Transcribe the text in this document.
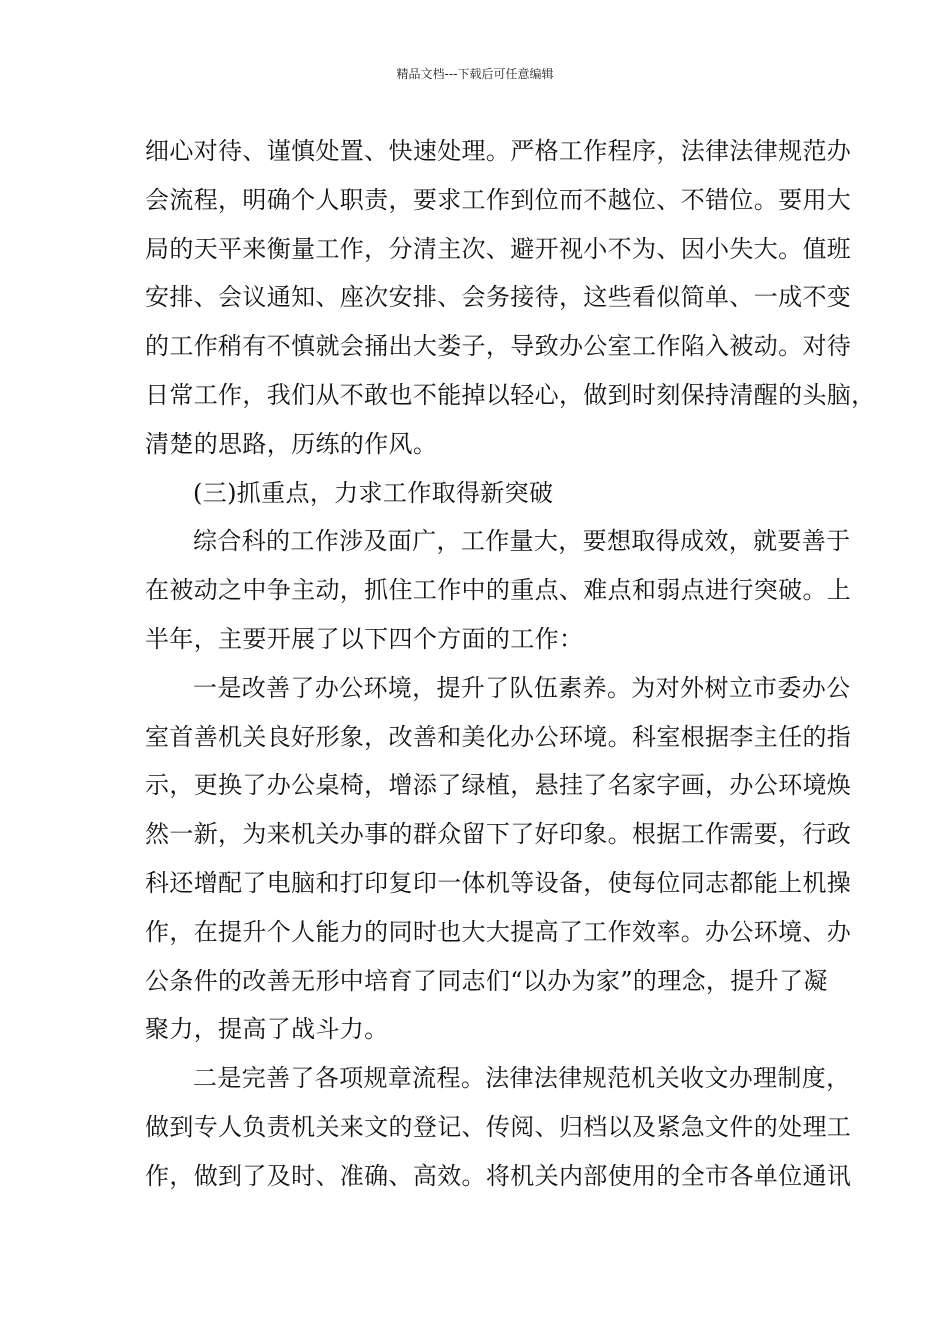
精品文档---下载后可任意编辑
细心对待、谨慎处置、快速处理。严格工作程序，法律法律规范办
会流程，明确个人职责，要求工作到位而不越位、不错位。要用大
局的天平来衡量工作，分清主次、避开视小不为、因小失大。值班
安排、会议通知、座次安排、会务接待，这些看似简单、一成不变
的工作稍有不慎就会捅出大娄子，导致办公室工作陷入被动。对待
日常工作，我们从不敢也不能掉以轻心，做到时刻保持清醒的头脑，
清楚的思路，历练的作风。
(三)抓重点，力求工作取得新突破
综合科的工作涉及面广，工作量大，要想取得成效，就要善于
在被动之中争主动，抓住工作中的重点、难点和弱点进行突破。上
半年，主要开展了以下四个方面的工作：
一是改善了办公环境，提升了队伍素养。为对外树立市委办公
室首善机关良好形象，改善和美化办公环境。科室根据李主任的指
示，更换了办公桌椅，增添了绿植，悬挂了名家字画，办公环境焕
然一新，为来机关办事的群众留下了好印象。根据工作需要，行政
科还增配了电脑和打印复印一体机等设备，使每位同志都能上机操
作，在提升个人能力的同时也大大提高了工作效率。办公环境、办
公条件的改善无形中培育了同志们“以办为家”的理念，提升了凝
聚力，提高了战斗力。
二是完善了各项规章流程。法律法律规范机关收文办理制度，
做到专人负责机关来文的登记、传阅、归档以及紧急文件的处理工
作，做到了及时、准确、高效。将机关内部使用的全市各单位通讯
